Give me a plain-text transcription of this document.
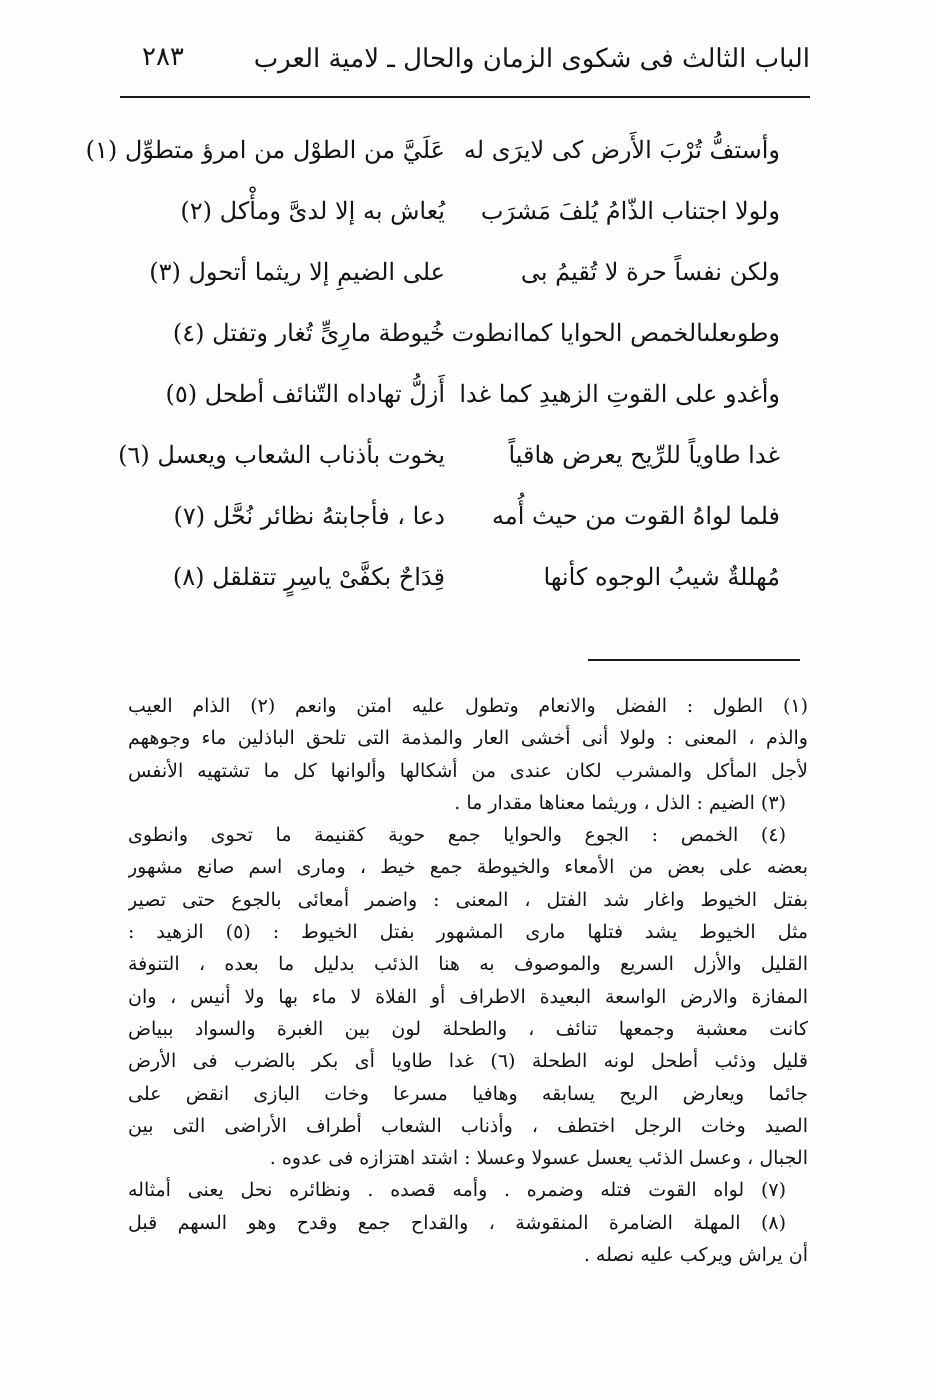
الباب الثالث فى شكوى الزمان والحال ـ لامية العرب
٢٨٣
وأستفُّ تُرْبَ الأَرض كى لايرَى له
عَلَيَّ من الطوْل من امرؤ متطوِّل (١)
ولولا اجتناب الذّامُ يُلفَ مَشرَب
يُعاش به إلا لدىَّ ومأْكل (٢)
ولكن نفساً حرة لا تُقيمُ بى
على الضيمِ إلا ريثما أتحول (٣)
وطوىعلىالخمص الحوايا كماانطوت
خُيوطة مارِىٍّ تُغار وتفتل (٤)
وأغدو على القوتِ الزهيدِ كما غدا
أَزلُّ تهاداه التّنائف أطحل (٥)
غدا طاوياً للرِّيح يعرض هاقياً
يخوت بأذناب الشعاب ويعسل (٦)
فلما لواهُ القوت من حيث أُمه
دعا ، فأجابتهُ نظائر نُحَّل (٧)
مُهللةٌ شيبُ الوجوه كأنها
قِدَاحٌ بكفَّىْ ياسِرٍ تتقلقل (٨)
(١) الطول : الفضل والانعام وتطول عليه امتن وانعم (٢) الذام العيب
والذم ، المعنى : ولولا أنى أخشى العار والمذمة التى تلحق الباذلين ماء وجوههم
لأجل المأكل والمشرب لكان عندى من أشكالها وألوانها كل ما تشتهيه الأنفس
(٣) الضيم : الذل ، وريثما معناها مقدار ما .
(٤) الخمص : الجوع والحوايا جمع حوية كقنيمة ما تحوى وانطوى
بعضه على بعض من الأمعاء والخيوطة جمع خيط ، ومارى اسم صانع مشهور
بفتل الخيوط واغار شد الفتل ، المعنى : واضمر أمعائى بالجوع حتى تصير
مثل الخيوط يشد فتلها مارى المشهور بفتل الخيوط : (٥) الزهيد :
القليل والأزل السريع والموصوف به هنا الذئب بدليل ما بعده ، التنوفة
المفازة والارض الواسعة البعيدة الاطراف أو الفلاة لا ماء بها ولا أنيس ، وان
كانت معشبة وجمعها تنائف ، والطحلة لون بين الغبرة والسواد ببياض
قليل وذئب أطحل لونه الطحلة (٦) غدا طاويا أى بكر بالضرب فى الأرض
جائما ويعارض الريح يسابقه وهافيا مسرعا وخات البازى انقض على
الصيد وخات الرجل اختطف ، وأذناب الشعاب أطراف الأراضى التى بين
الجبال ، وعسل الذئب يعسل عسولا وعسلا : اشتد اهتزازه فى عدوه .
(٧) لواه القوت فتله وضمره . وأمه قصده . ونظائره نحل يعنى أمثاله
(٨) المهلة الضامرة المنقوشة ، والقداح جمع وقدح وهو السهم قبل
أن يراش ويركب عليه نصله .
